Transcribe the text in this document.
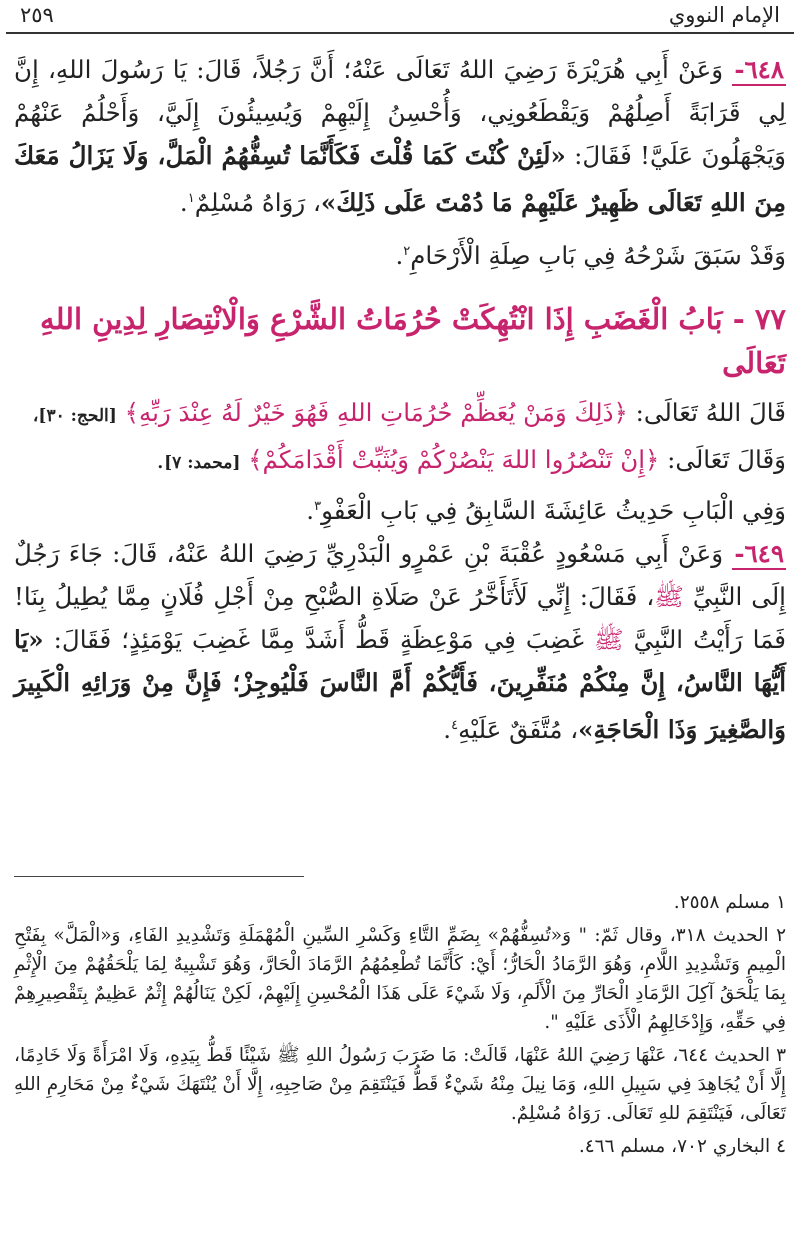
الإمام النووي
٢٥٩

٦٤٨- وَعَنْ أَبِي هُرَيْرَةَ رَضِيَ اللهُ تَعَالَى عَنْهُ؛ أَنَّ رَجُلاً، قَالَ: يَا رَسُولَ اللهِ، إِنَّ لِي قَرَابَةً أَصِلُهُمْ وَيَقْطَعُونِي، وَأُحْسِنُ إِلَيْهِمْ وَيُسِيئُونَ إِلَيَّ، وَأَحْلُمُ عَنْهُمْ وَيَجْهَلُونَ عَلَيَّ! فَقَالَ: «لَئِنْ كُنْتَ كَمَا قُلْتَ فَكَأَنَّمَا تُسِفُّهُمُ الْمَلَّ، وَلَا يَزَالُ مَعَكَ مِنَ اللهِ تَعَالَى ظَهِيرٌ عَلَيْهِمْ مَا دُمْتَ عَلَى ذَلِكَ»، رَوَاهُ مُسْلِمٌ$^١$.

وَقَدْ سَبَقَ شَرْحُهُ فِي بَابِ صِلَةِ الْأَرْحَامِ$^٢$.

٧٧ - بَابُ الْغَضَبِ إِذَا انْتُهِكَتْ حُرُمَاتُ الشَّرْعِ وَالْانْتِصَارِ لِدِينِ اللهِ تَعَالَى

قَالَ اللهُ تَعَالَى: ﴿ذَلِكَ وَمَنْ يُعَظِّمْ حُرُمَاتِ اللهِ فَهُوَ خَيْرٌ لَهُ عِنْدَ رَبِّهِ﴾ [الحج: ٣٠]،

وَقَالَ تَعَالَى: ﴿إِنْ تَنْصُرُوا اللهَ يَنْصُرْكُمْ وَيُثَبِّتْ أَقْدَامَكُمْ﴾ [محمد: ٧].

وَفِي الْبَابِ حَدِيثُ عَائِشَةَ السَّابِقُ فِي بَابِ الْعَفْوِ$^٣$.

٦٤٩- وَعَنْ أَبِي مَسْعُودٍ عُقْبَةَ بْنِ عَمْرٍو الْبَدْرِيِّ رَضِيَ اللهُ عَنْهُ، قَالَ: جَاءَ رَجُلٌ إِلَى النَّبِيِّ ﷺ، فَقَالَ: إِنِّي لَأَتَأَخَّرُ عَنْ صَلَاةِ الصُّبْحِ مِنْ أَجْلِ فُلَانٍ مِمَّا يُطِيلُ بِنَا! فَمَا رَأَيْتُ النَّبِيَّ ﷺ غَضِبَ فِي مَوْعِظَةٍ قَطُّ أَشَدَّ مِمَّا غَضِبَ يَوْمَئِذٍ؛ فَقَالَ: «يَا أَيُّهَا النَّاسُ، إِنَّ مِنْكُمْ مُنَفِّرِينَ، فَأَيُّكُمْ أَمَّ النَّاسَ فَلْيُوجِزْ؛ فَإِنَّ مِنْ وَرَائِهِ الْكَبِيرَ وَالصَّغِيرَ وَذَا الْحَاجَةِ»، مُتَّفَقٌ عَلَيْهِ$^٤$.

١ مسلم ٢٥٥٨.

٢ الحديث ٣١٨، وقال ثَمّ: " وَ«تُسِفُّهُمْ» بِضَمِّ التَّاءِ وَكَسْرِ السِّينِ الْمُهْمَلَةِ وَتَشْدِيدِ الفَاءِ، وَ«الْمَلَّ» بِفَتْحِ الْمِيمِ وَتَشْدِيدِ اللَّامِ، وَهُوَ الرَّمَادُ الْحَارُّ؛ أَيْ: كَأَنَّمَا تُطْعِمُهُمُ الرَّمَادَ الْحَارَّ، وَهُوَ تَشْبِيهٌ لِمَا يَلْحَقُهُمْ مِنَ الْإِثْمِ بِمَا يَلْحَقُ آكِلَ الرَّمَادِ الْحَارِّ مِنَ الْأَلَمِ، وَلَا شَيْءَ عَلَى هَذَا الْمُحْسِنِ إِلَيْهِمْ، لَكِنْ يَنَالُهُمْ إِثْمٌ عَظِيمٌ بِتَقْصِيرِهِمْ فِي حَقِّهِ، وَإِدْخَالِهِمُ الْأَذَى عَلَيْهِ ".

٣ الحديث ٦٤٤، عَنْهَا رَضِيَ اللهُ عَنْهَا، قَالَتْ: مَا ضَرَبَ رَسُولُ اللهِ ﷺ شَيْئًا قَطُّ بِيَدِهِ، وَلَا امْرَأَةً وَلَا خَادِمًا، إِلَّا أَنْ يُجَاهِدَ فِي سَبِيلِ اللهِ، وَمَا نِيلَ مِنْهُ شَيْءٌ قَطُّ فَيَنْتَقِمَ مِنْ صَاحِبِهِ، إِلَّا أَنْ يُنْتَهَكَ شَيْءٌ مِنْ مَحَارِمِ اللهِ تَعَالَى، فَيَنْتَقِمَ للهِ تَعَالَى. رَوَاهُ مُسْلِمٌ.

٤ البخاري ٧٠٢، مسلم ٤٦٦.
